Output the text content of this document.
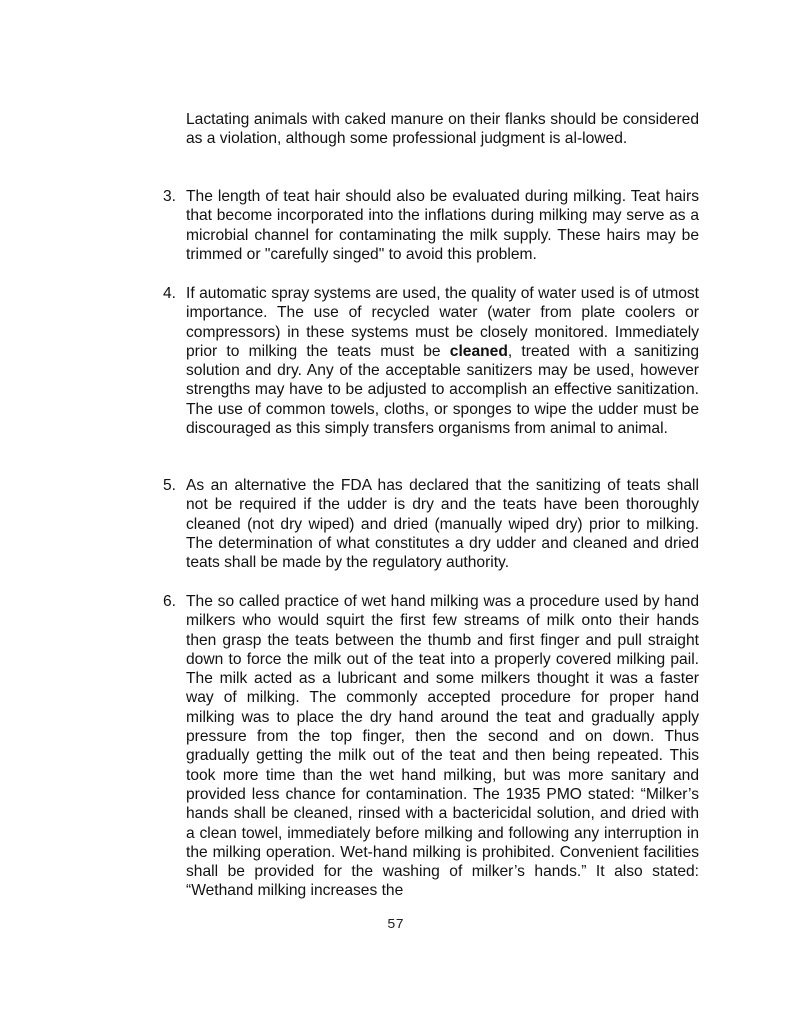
Lactating animals with caked manure on their flanks should be considered as a violation, although some professional judgment is al-lowed.
3. The length of teat hair should also be evaluated during milking. Teat hairs that become incorporated into the inflations during milking may serve as a microbial channel for contaminating the milk supply. These hairs may be trimmed or "carefully singed" to avoid this problem.
4. If automatic spray systems are used, the quality of water used is of utmost importance. The use of recycled water (water from plate coolers or compressors) in these systems must be closely monitored. Immediately prior to milking the teats must be cleaned, treated with a sanitizing solution and dry. Any of the acceptable sanitizers may be used, however strengths may have to be adjusted to accomplish an effective sanitization. The use of common towels, cloths, or sponges to wipe the udder must be discouraged as this simply transfers organisms from animal to animal.
5. As an alternative the FDA has declared that the sanitizing of teats shall not be required if the udder is dry and the teats have been thoroughly cleaned (not dry wiped) and dried (manually wiped dry) prior to milking. The determination of what constitutes a dry udder and cleaned and dried teats shall be made by the regulatory authority.
6. The so called practice of wet hand milking was a procedure used by hand milkers who would squirt the first few streams of milk onto their hands then grasp the teats between the thumb and first finger and pull straight down to force the milk out of the teat into a properly covered milking pail. The milk acted as a lubricant and some milkers thought it was a faster way of milking. The commonly accepted procedure for proper hand milking was to place the dry hand around the teat and gradually apply pressure from the top finger, then the second and on down. Thus gradually getting the milk out of the teat and then being repeated. This took more time than the wet hand milking, but was more sanitary and provided less chance for contamination. The 1935 PMO stated: “Milker’s hands shall be cleaned, rinsed with a bactericidal solution, and dried with a clean towel, immediately before milking and following any interruption in the milking operation. Wet-hand milking is prohibited. Convenient facilities shall be provided for the washing of milker’s hands.” It also stated: “Wethand milking increases the
57
